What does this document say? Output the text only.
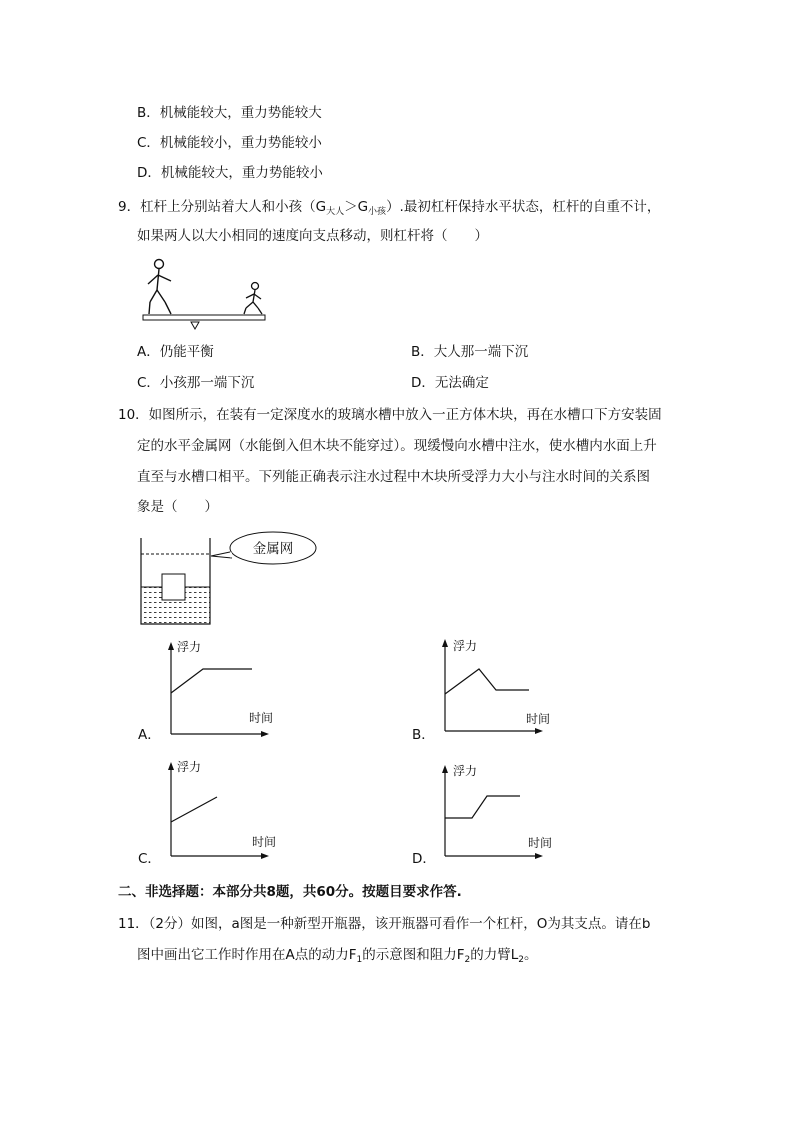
B．机械能较大，重力势能较大
C．机械能较小，重力势能较小
D．机械能较大，重力势能较小
9．杠杆上分别站着大人和小孩$(G_{大人}>G_{小孩})$.最初杠杆保持水平状态，杠杆的自重不计，
如果两人以大小相同的速度向支点移动，则杠杆将（　　）
A．仍能平衡	B．大人那一端下沉
C．小孩那一端下沉	D．无法确定
10．如图所示，在装有一定深度水的玻璃水槽中放入一正方体木块，再在水槽口下方安装固
定的水平金属网（水能倒入但木块不能穿过）。现缓慢向水槽中注水，使水槽内水面上升
直至与水槽口相平。下列能正确表示注水过程中木块所受浮力大小与注水时间的关系图
象是（　　）
金属网
浮力
时间
A．
浮力
时间
B．
浮力
时间
C．
浮力
时间
D．
二、非选择题：本部分共8题，共60分。按题目要求作答.
11．（2分）如图，a图是一种新型开瓶器，该开瓶器可看作一个杠杆，O为其支点。请在b
图中画出它工作时作用在A点的动力$F_1$的示意图和阻力$F_2$的力臂$L_2$。
